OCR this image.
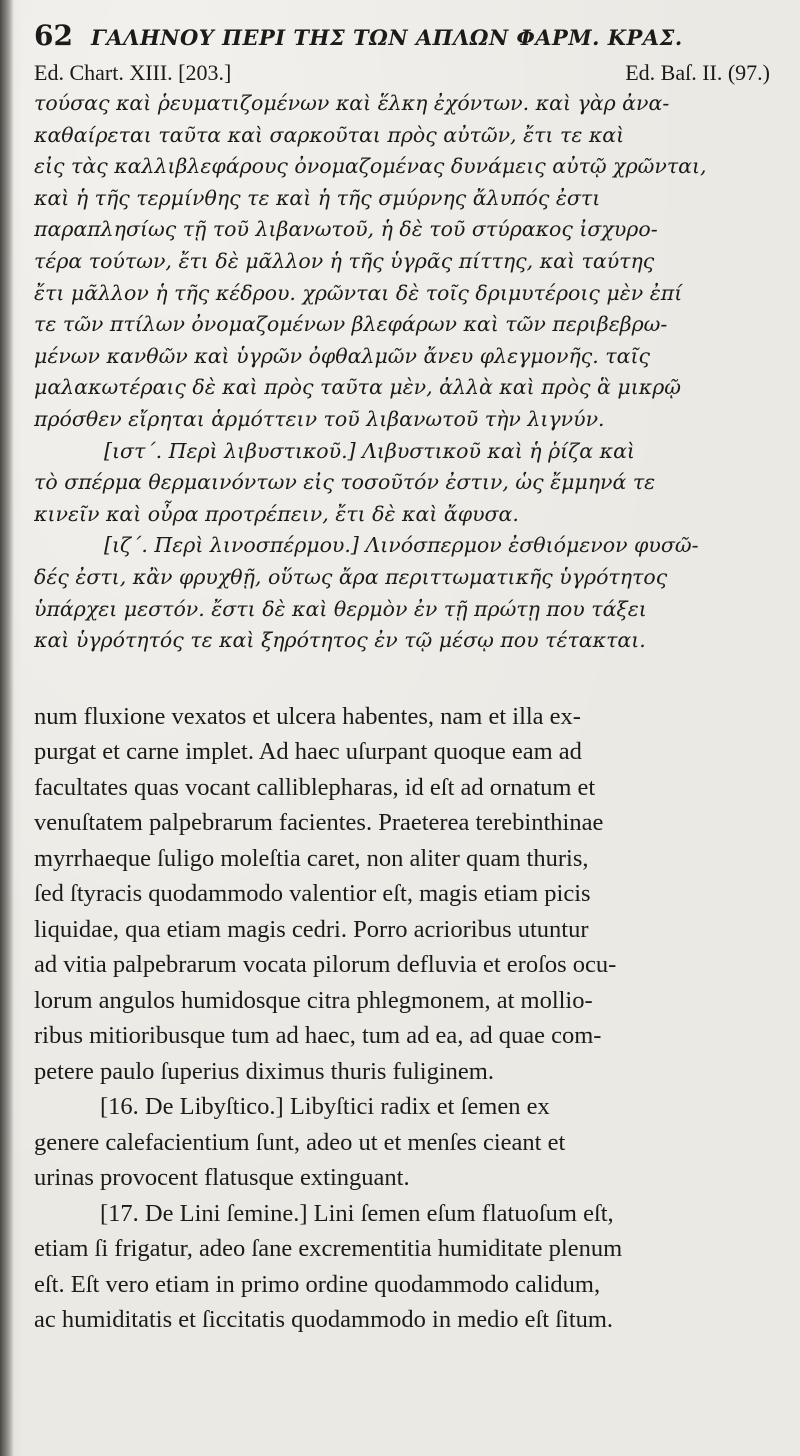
62 ΓΑΛΗΝΟΥ ΠΕΡΙ ΤΗΣ ΤΩΝ ΑΠΛΩΝ ΦΑΡΜ. ΚΡΑΣ.
Ed. Chart. XIII. [203.]	Ed. Baſ. II. (97.)
τούσας καὶ ῥευματιζομένων καὶ ἕλκη ἐχόντων. καὶ γὰρ ἀνα-
καθαίρεται ταῦτα καὶ σαρκοῦται πρὸς αὐτῶν, ἔτι τε καὶ
εἰς τὰς καλλιβλεφάρους ὀνομαζομένας δυνάμεις αὐτῷ χρῶνται,
καὶ ἡ τῆς τερμίνθης τε καὶ ἡ τῆς σμύρνης ἄλυπός ἐστι
παραπλησίως τῇ τοῦ λιβανωτοῦ, ἡ δὲ τοῦ στύρακος ἰσχυρο-
τέρα τούτων, ἔτι δὲ μᾶλλον ἡ τῆς ὑγρᾶς πίττης, καὶ ταύτης
ἔτι μᾶλλον ἡ τῆς κέδρου. χρῶνται δὲ τοῖς δριμυτέροις μὲν ἐπί
τε τῶν πτίλων ὀνομαζομένων βλεφάρων καὶ τῶν περιβεβρω-
μένων κανθῶν καὶ ὑγρῶν ὀφθαλμῶν ἄνευ φλεγμονῆς. ταῖς
μαλακωτέραις δὲ καὶ πρὸς ταῦτα μὲν, ἀλλὰ καὶ πρὸς ἃ μικρῷ
πρόσθεν εἴρηται ἁρμόττειν τοῦ λιβανωτοῦ τὴν λιγνύν.
[ιστ΄. Περὶ λιβυστικοῦ.] Λιβυστικοῦ καὶ ἡ ῥίζα καὶ
τὸ σπέρμα θερμαινόντων εἰς τοσοῦτόν ἐστιν, ὡς ἔμμηνά τε
κινεῖν καὶ οὖρα προτρέπειν, ἔτι δὲ καὶ ἄφυσα.
[ιζ΄. Περὶ λινοσπέρμου.] Λινόσπερμον ἐσθιόμενον φυσῶ-
δές ἐστι, κἂν φρυχθῇ, οὕτως ἄρα περιττωματικῆς ὑγρότητος
ὑπάρχει μεστόν. ἔστι δὲ καὶ θερμὸν ἐν τῇ πρώτῃ που τάξει
καὶ ὑγρότητός τε καὶ ξηρότητος ἐν τῷ μέσῳ που τέτακται.
num fluxione vexatos et ulcera habentes, nam et illa ex-
purgat et carne implet. Ad haec uſurpant quoque eam ad
facultates quas vocant calliblepharas, id eſt ad ornatum et
venuſtatem palpebrarum facientes. Praeterea terebinthinae
myrrhaeque ſuligo moleſtia caret, non aliter quam thuris,
ſed ſtyracis quodammodo valentior eſt, magis etiam picis
liquidae, qua etiam magis cedri. Porro acrioribus utuntur
ad vitia palpebrarum vocata pilorum defluvia et eroſos ocu-
lorum angulos humidosque citra phlegmonem, at mollio-
ribus mitioribusque tum ad haec, tum ad ea, ad quae com-
petere paulo ſuperius diximus thuris fuliginem.
[16. De Libyſtico.] Libyſtici radix et ſemen ex
genere calefacientium ſunt, adeo ut et menſes cieant et
urinas provocent flatusque extinguant.
[17. De Lini ſemine.] Lini ſemen eſum flatuoſum eſt,
etiam ſi frigatur, adeo ſane excrementitia humiditate plenum
eſt. Eſt vero etiam in primo ordine quodammodo calidum,
ac humiditatis et ſiccitatis quodammodo in medio eſt ſitum.
